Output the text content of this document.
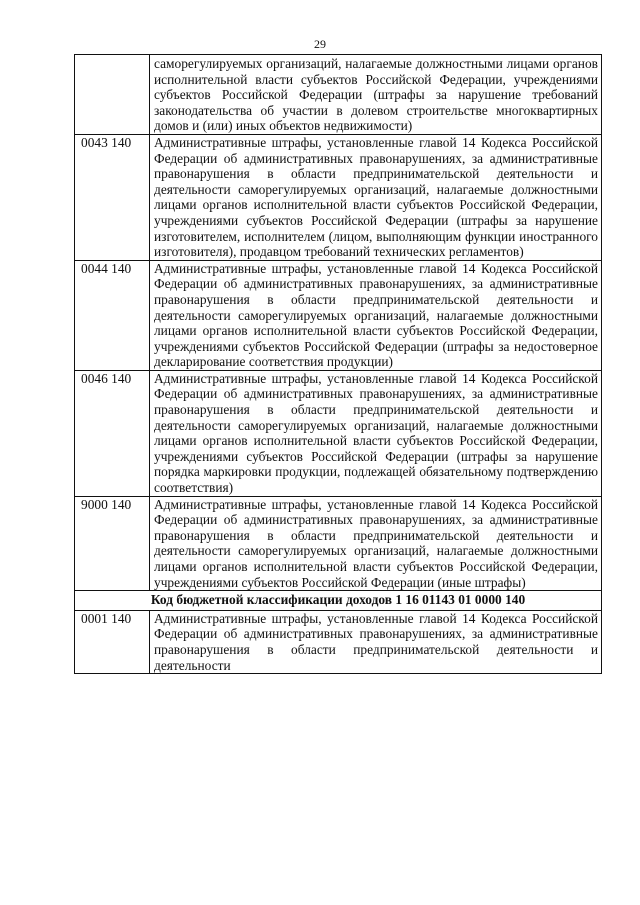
29
	саморегулируемых организаций, налагаемые должностными лицами органов исполнительной власти субъектов Российской Федерации, учреждениями субъектов Российской Федерации (штрафы за нарушение требований законодательства об участии в долевом строительстве многоквартирных домов и (или) иных объектов недвижимости)
0043 140	Административные штрафы, установленные главой 14 Кодекса Российской Федерации об административных правонарушениях, за административные правонарушения в области предпринимательской деятельности и деятельности саморегулируемых организаций, налагаемые должностными лицами органов исполнительной власти субъектов Российской Федерации, учреждениями субъектов Российской Федерации (штрафы за нарушение изготовителем, исполнителем (лицом, выполняющим функции иностранного изготовителя), продавцом требований технических регламентов)
0044 140	Административные штрафы, установленные главой 14 Кодекса Российской Федерации об административных правонарушениях, за административные правонарушения в области предпринимательской деятельности и деятельности саморегулируемых организаций, налагаемые должностными лицами органов исполнительной власти субъектов Российской Федерации, учреждениями субъектов Российской Федерации (штрафы за недостоверное декларирование соответствия продукции)
0046 140	Административные штрафы, установленные главой 14 Кодекса Российской Федерации об административных правонарушениях, за административные правонарушения в области предпринимательской деятельности и деятельности саморегулируемых организаций, налагаемые должностными лицами органов исполнительной власти субъектов Российской Федерации, учреждениями субъектов Российской Федерации (штрафы за нарушение порядка маркировки продукции, подлежащей обязательному подтверждению соответствия)
9000 140	Административные штрафы, установленные главой 14 Кодекса Российской Федерации об административных правонарушениях, за административные правонарушения в области предпринимательской деятельности и деятельности саморегулируемых организаций, налагаемые должностными лицами органов исполнительной власти субъектов Российской Федерации, учреждениями субъектов Российской Федерации (иные штрафы)
Код бюджетной классификации доходов 1 16 01143 01 0000 140	
0001 140	Административные штрафы, установленные главой 14 Кодекса Российской Федерации об административных правонарушениях, за административные правонарушения в области предпринимательской деятельности и деятельности
